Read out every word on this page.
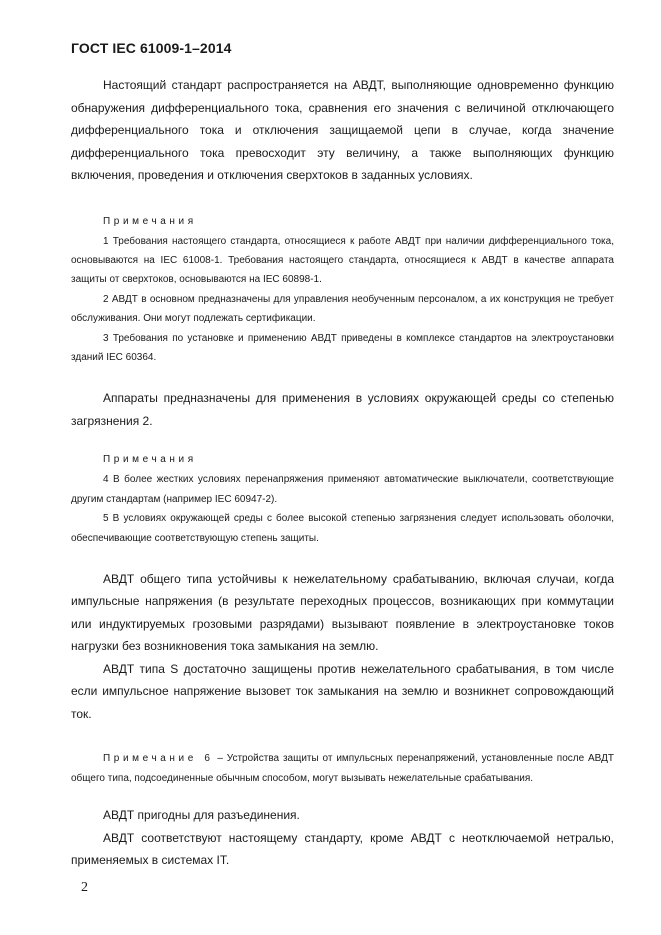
ГОСТ IEC 61009-1–2014

Настоящий стандарт распространяется на АВДТ, выполняющие одновременно функцию обнаружения дифференциального тока, сравнения его значения с величиной отключающего дифференциального тока и отключения защищаемой цепи в случае, когда значение дифференциального тока превосходит эту величину, а также выполняющих функцию включения, проведения и отключения сверхтоков в заданных условиях.

Примечания

1 Требования настоящего стандарта, относящиеся к работе АВДТ при наличии дифференциального тока, основываются на IEC 61008-1. Требования настоящего стандарта, относящиеся к АВДТ в качестве аппарата защиты от сверхтоков, основываются на IEC 60898-1.

2 АВДТ в основном предназначены для управления необученным персоналом, а их конструкция не требует обслуживания. Они могут подлежать сертификации.

3 Требования по установке и применению АВДТ приведены в комплексе стандартов на электроустановки зданий IEC 60364.

Аппараты предназначены для применения в условиях окружающей среды со степенью загрязнения 2.

Примечания

4 В более жестких условиях перенапряжения применяют автоматические выключатели, соответствующие другим стандартам (например IEC 60947-2).

5 В условиях окружающей среды с более высокой степенью загрязнения следует использовать оболочки, обеспечивающие соответствующую степень защиты.

АВДТ общего типа устойчивы к нежелательному срабатыванию, включая случаи, когда импульсные напряжения (в результате переходных процессов, возникающих при коммутации или индуктируемых грозовыми разрядами) вызывают появление в электроустановке токов нагрузки без возникновения тока замыкания на землю.

АВДТ типа S достаточно защищены против нежелательного срабатывания, в том числе если импульсное напряжение вызовет ток замыкания на землю и возникнет сопровождающий ток.

Примечание 6 – Устройства защиты от импульсных перенапряжений, установленные после АВДТ общего типа, подсоединенные обычным способом, могут вызывать нежелательные срабатывания.

АВДТ пригодны для разъединения.

АВДТ соответствуют настоящему стандарту, кроме АВДТ с неотключаемой нетралью, применяемых в системах IT.

2
